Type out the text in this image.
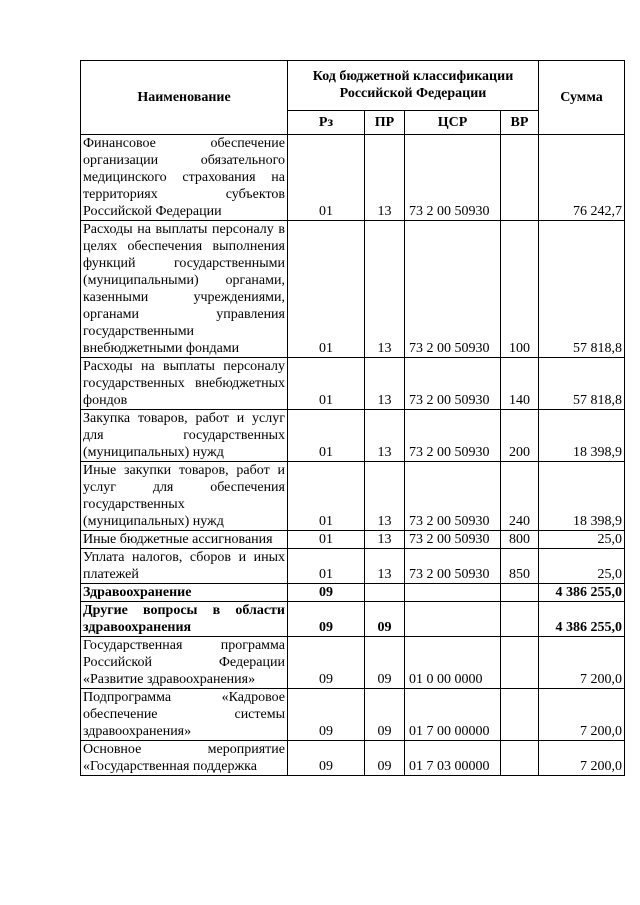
Наименование	Код бюджетной классификации Российской Федерации				Сумма
	Рз	ПР	ЦСР	ВР	
Финансовое обеспечение организации обязательного медицинского страхования на территориях субъектов Российской Федерации	01	13	73 2 00 50930		76 242,7
Расходы на выплаты персоналу в целях обеспечения выполнения функций государственными (муниципальными) органами, казенными учреждениями, органами управления государственными внебюджетными фондами	01	13	73 2 00 50930	100	57 818,8
Расходы на выплаты персоналу государственных внебюджетных фондов	01	13	73 2 00 50930	140	57 818,8
Закупка товаров, работ и услуг для государственных (муниципальных) нужд	01	13	73 2 00 50930	200	18 398,9
Иные закупки товаров, работ и услуг для обеспечения государственных (муниципальных) нужд	01	13	73 2 00 50930	240	18 398,9
Иные бюджетные ассигнования	01	13	73 2 00 50930	800	25,0
Уплата налогов, сборов и иных платежей	01	13	73 2 00 50930	850	25,0
Здравоохранение	09				4 386 255,0
Другие вопросы в области здравоохранения	09	09			4 386 255,0
Государственная программа Российской Федерации «Развитие здравоохранения»	09	09	01 0 00 0000		7 200,0
Подпрограмма «Кадровое обеспечение системы здравоохранения»	09	09	01 7 00 00000		7 200,0
Основное мероприятие «Государственная поддержка	09	09	01 7 03 00000		7 200,0
